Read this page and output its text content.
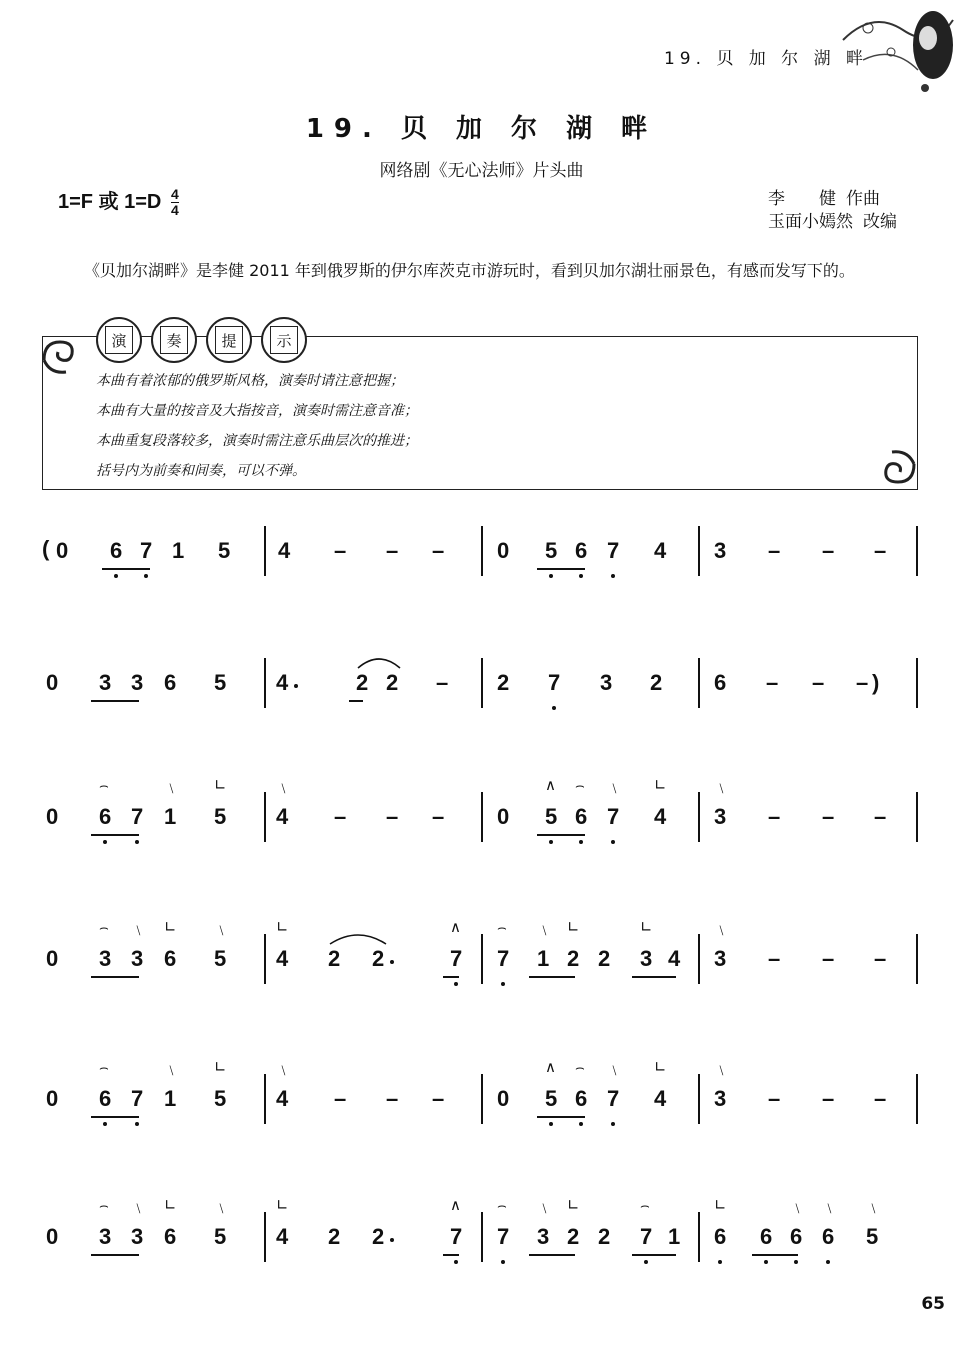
19. 贝 加 尔 湖 畔
19. 贝 加 尔 湖 畔
网络剧《无心法师》片头曲
1=F 或 $1=D \frac{4}{4}$	李　　健 作曲
玉面小嫣然 改编
《贝加尔湖畔》是李健 2011 年到俄罗斯的伊尔库茨克市游玩时，看到贝加尔湖壮丽景色，有感而发写下的。
演	奏	提	示
本曲有着浓郁的俄罗斯风格，演奏时请注意把握；
本曲有大量的按音及大指按音，演奏时需注意音准；
本曲重复段落较多，演奏时需注意乐曲层次的推进；
括号内为前奏和间奏，可以不弹。
( 0 6 7 1 5 4 – – – 0 5 6 7 4 3 – – –
)
0 3 3 6 5 4	2 2 – 2 7 3 2 6 – – –
0 6 7 1 5 4 – – – 0 5 6 7 4 3 – – –
⌢	﹨ ∟	﹨	∧ ⌢ ﹨ ∟	﹨
0 3 3 6 5 4 2 2	7 7 1 2 2 3 4 3 – – –
⌢ ﹨ ∟ ﹨	∟	∧ ⌢ ﹨ ∟	∟	﹨
0 6 7 1 5 4 – – – 0 5 6 7 4 3 – – –
⌢	﹨ ∟	﹨	∧ ⌢ ﹨ ∟	﹨
0 3 3 6 5 4 2 2	7 7 3 2 2 7 1 6 6 6 6 5
⌢ ﹨ ∟ ﹨	∟	∧ ⌢ ﹨ ∟	⌢	∟	﹨ ﹨ ﹨
65
